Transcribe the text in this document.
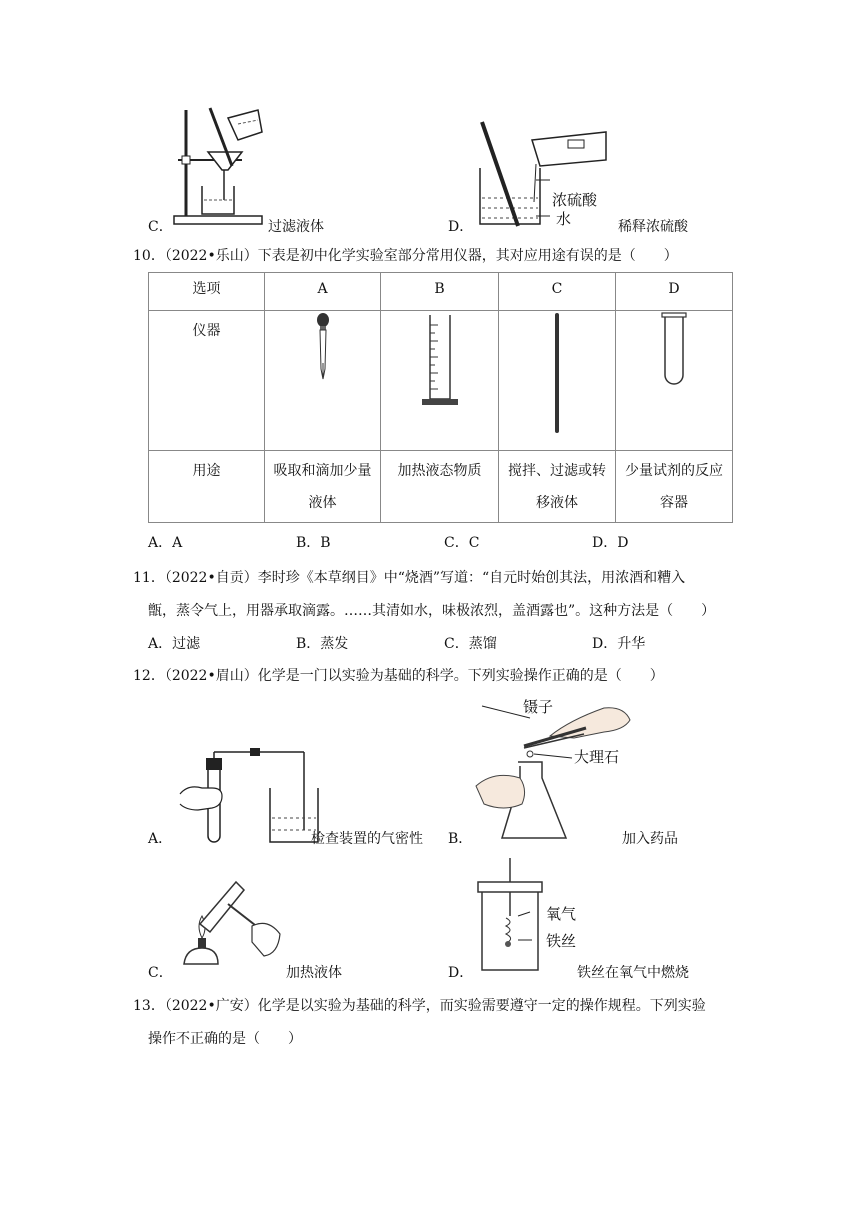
C．	过滤液体
浓硫酸
水
D．	稀释浓硫酸
10．（2022•乐山）下表是初中化学实验室部分常用仪器，其对应用途有误的是（　　）
选项	A	B	C	D
仪器				
用途	吸取和滴加少量液体	加热液态物质	搅拌、过滤或转移液体	少量试剂的反应容器
A．A	B．B	C．C	D．D
11．（2022•自贡）李时珍《本草纲目》中“烧酒”写道：“自元时始创其法，用浓酒和糟入
甑，蒸令气上，用器承取滴露。……其清如水，味极浓烈，盖酒露也”。这种方法是（　　）
A．过滤	B．蒸发	C．蒸馏	D．升华
12．（2022•眉山）化学是一门以实验为基础的科学。下列实验操作正确的是（　　）
A．	检查装置的气密性
镊子
大理石
B．	加入药品
C．	加热液体
氧气
铁丝
D．	铁丝在氧气中燃烧
13．（2022•广安）化学是以实验为基础的科学，而实验需要遵守一定的操作规程。下列实验
操作不正确的是（　　）
